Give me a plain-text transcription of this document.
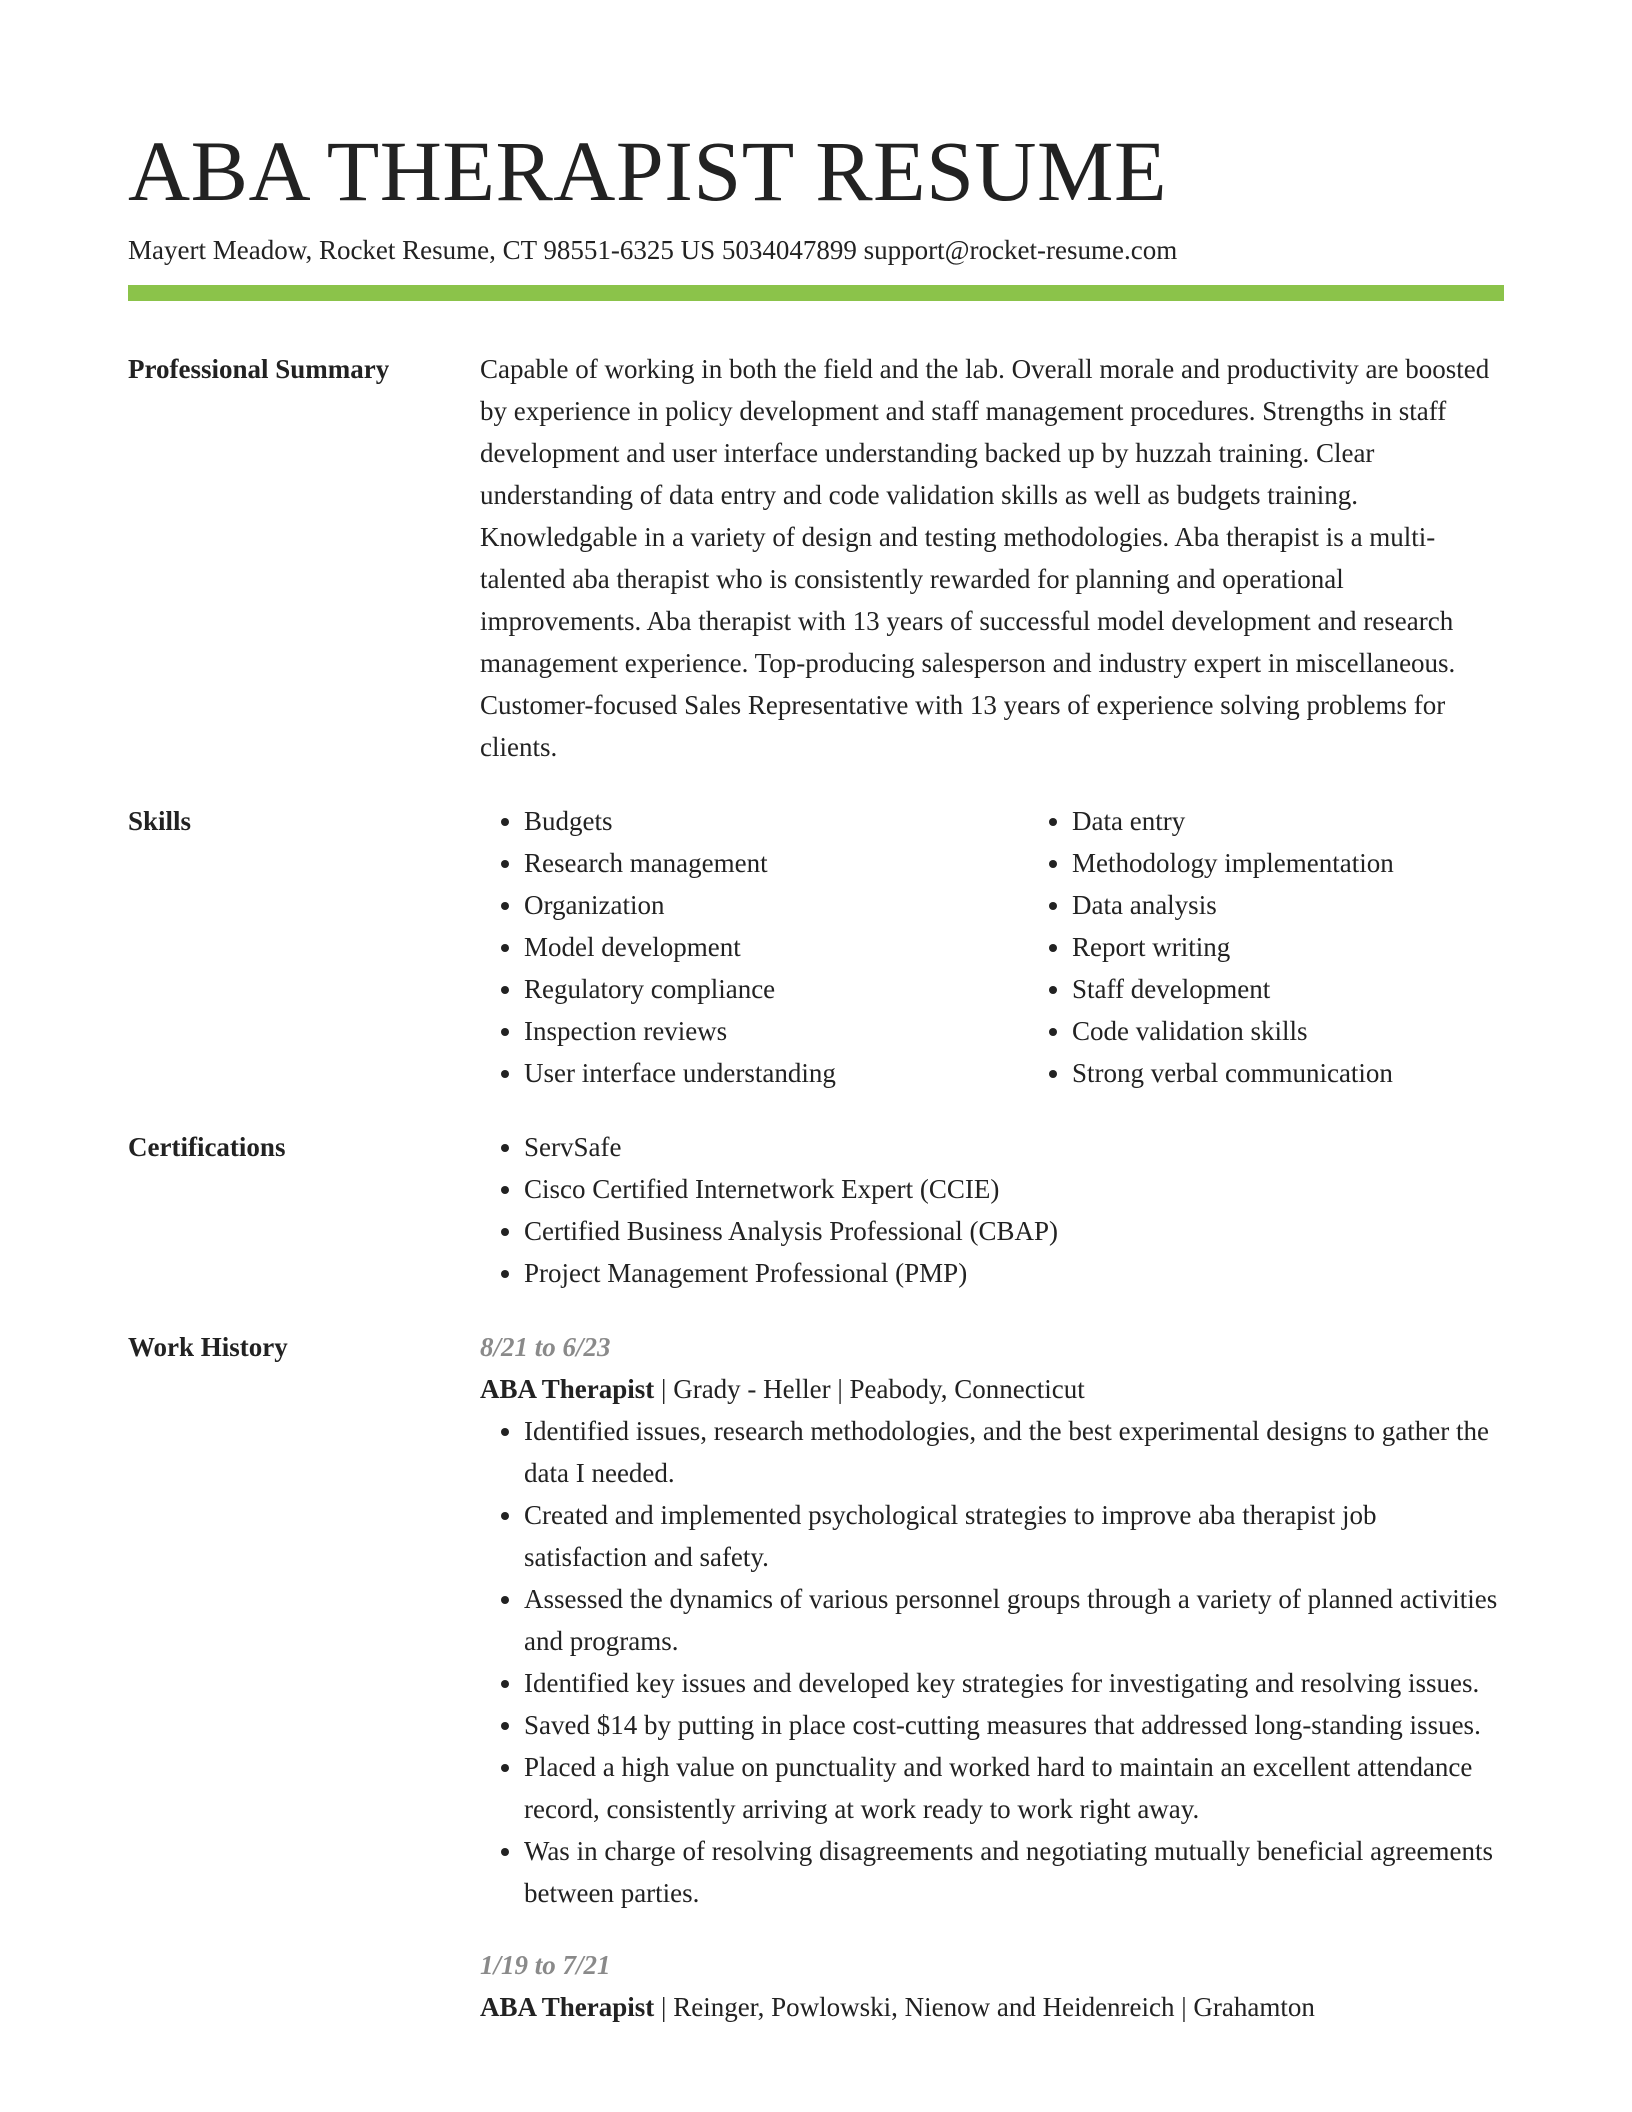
ABA THERAPIST RESUME
Mayert Meadow, Rocket Resume, CT 98551-6325 US 5034047899 support@rocket-resume.com
Professional Summary	Capable of working in both the field and the lab. Overall morale and productivity are boosted by experience in policy development and staff management procedures. Strengths in staff development and user interface understanding backed up by huzzah training. Clear understanding of data entry and code validation skills as well as budgets training. Knowledgable in a variety of design and testing methodologies. Aba therapist is a multi-talented aba therapist who is consistently rewarded for planning and operational improvements. Aba therapist with 13 years of successful model development and research management experience. Top-producing salesperson and industry expert in miscellaneous. Customer-focused Sales Representative with 13 years of experience solving problems for clients.

Skills	• Budgets
• Research management
• Organization
• Model development
• Regulatory compliance
• Inspection reviews
• User interface understanding
• Data entry
• Methodology implementation
• Data analysis
• Report writing
• Staff development
• Code validation skills
• Strong verbal communication
Certifications	• ServSafe
• Cisco Certified Internetwork Expert (CCIE)
• Certified Business Analysis Professional (CBAP)
• Project Management Professional (PMP)
Work History	8/21 to 6/23
ABA Therapist | Grady - Heller | Peabody, Connecticut
• Identified issues, research methodologies, and the best experimental designs to gather the data I needed.
• Created and implemented psychological strategies to improve aba therapist job satisfaction and safety.
• Assessed the dynamics of various personnel groups through a variety of planned activities and programs.
• Identified key issues and developed key strategies for investigating and resolving issues.
• Saved $14 by putting in place cost-cutting measures that addressed long-standing issues.
• Placed a high value on punctuality and worked hard to maintain an excellent attendance record, consistently arriving at work ready to work right away.
• Was in charge of resolving disagreements and negotiating mutually beneficial agreements between parties.
1/19 to 7/21
ABA Therapist | Reinger, Powlowski, Nienow and Heidenreich | Grahamton
